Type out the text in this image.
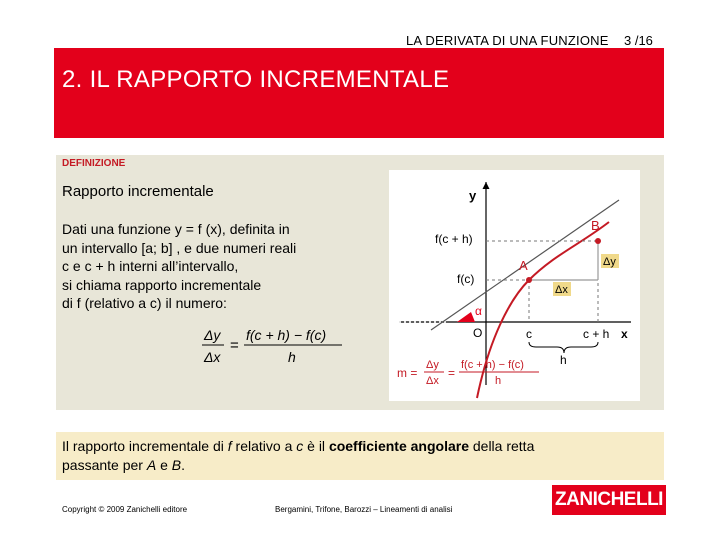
LA DERIVATA DI UNA FUNZIONE 3 /16
2. IL RAPPORTO INCREMENTALE
DEFINIZIONE
Rapporto incrementale
Dati una funzione y = f (x), definita in
un intervallo [a; b] , e due numeri reali
c e c + h interni all’intervallo,
si chiama rapporto incrementale
di f (relativo a c) il numero:
Δy
Δx
=
f(c + h) − f(c)
h
y
x
O
α
Δx
Δy
A
B
f(c + h)
f(c)
c	c + h
h
m =
Δy
Δx
=
f(c + h) − f(c)
h
Il rapporto incrementale di f relativo a c è il coefficiente angolare della retta
passante per A e B.
Copyright © 2009 Zanichelli editore	Bergamini, Trifone, Barozzi – Lineamenti di analisi	ZANICHELLI
